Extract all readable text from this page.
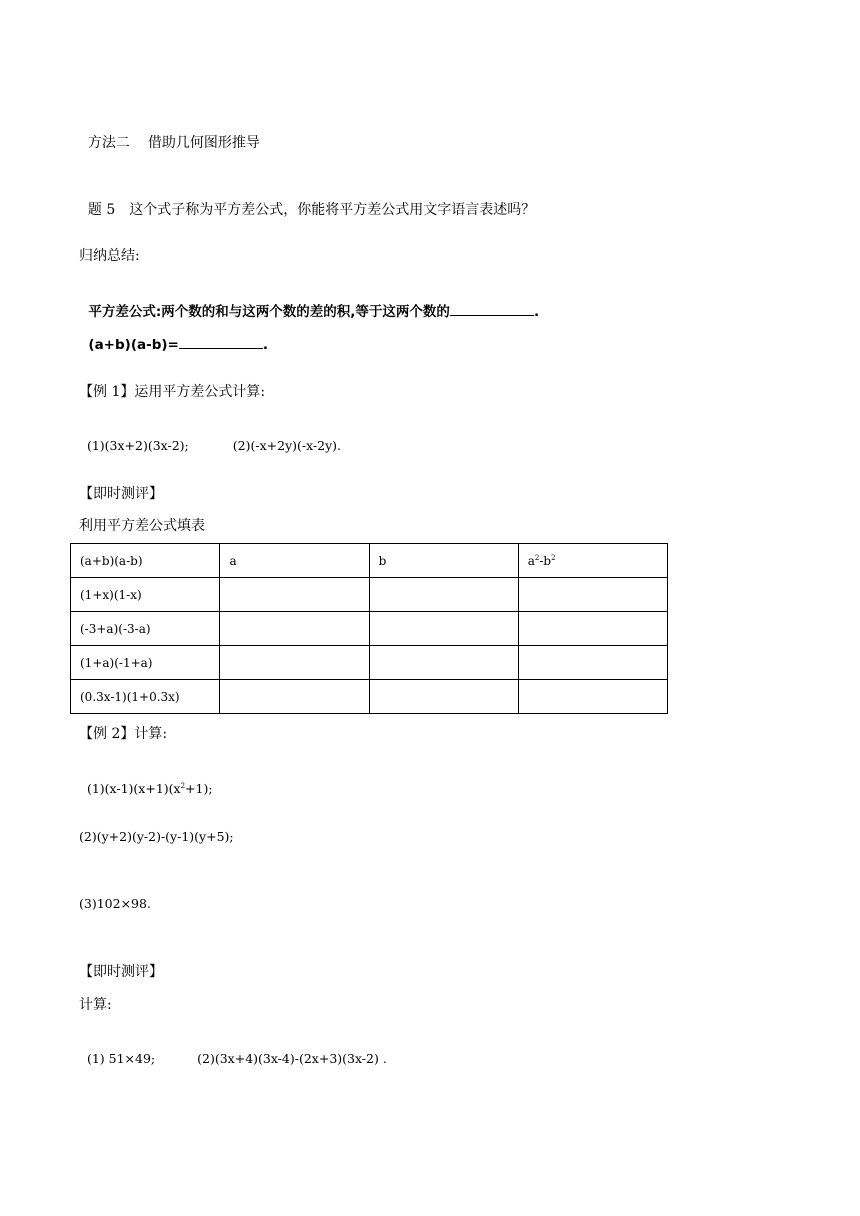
方法二 借助几何图形推导

题 5 这个式子称为平方差公式，你能将平方差公式用文字语言表述吗？

归纳总结:

平方差公式:两个数的和与这两个数的差的积,等于这两个数的	.

(a+b)(a-b)=	.

【例 1】运用平方差公式计算:

(1)(3x+2)(3x-2);	(2)(-x+2y)(-x-2y).

【即时测评】
利用平方差公式填表
(a+b)(a-b)	a	b	$a^2-b^2$
(1+x)(1-x)			
(-3+a)(-3-a)			
(1+a)(-1+a)			
(0.3x-1)(1+0.3x)			
【例 2】计算:

$(1)(x-1)(x+1)(x^2+1)$;

(2)(y+2)(y-2)-(y-1)(y+5);
(3)102×98.
【即时测评】
计算:

(1) 51×49;	(2)(3x+4)(3x-4)-(2x+3)(3x-2) .
